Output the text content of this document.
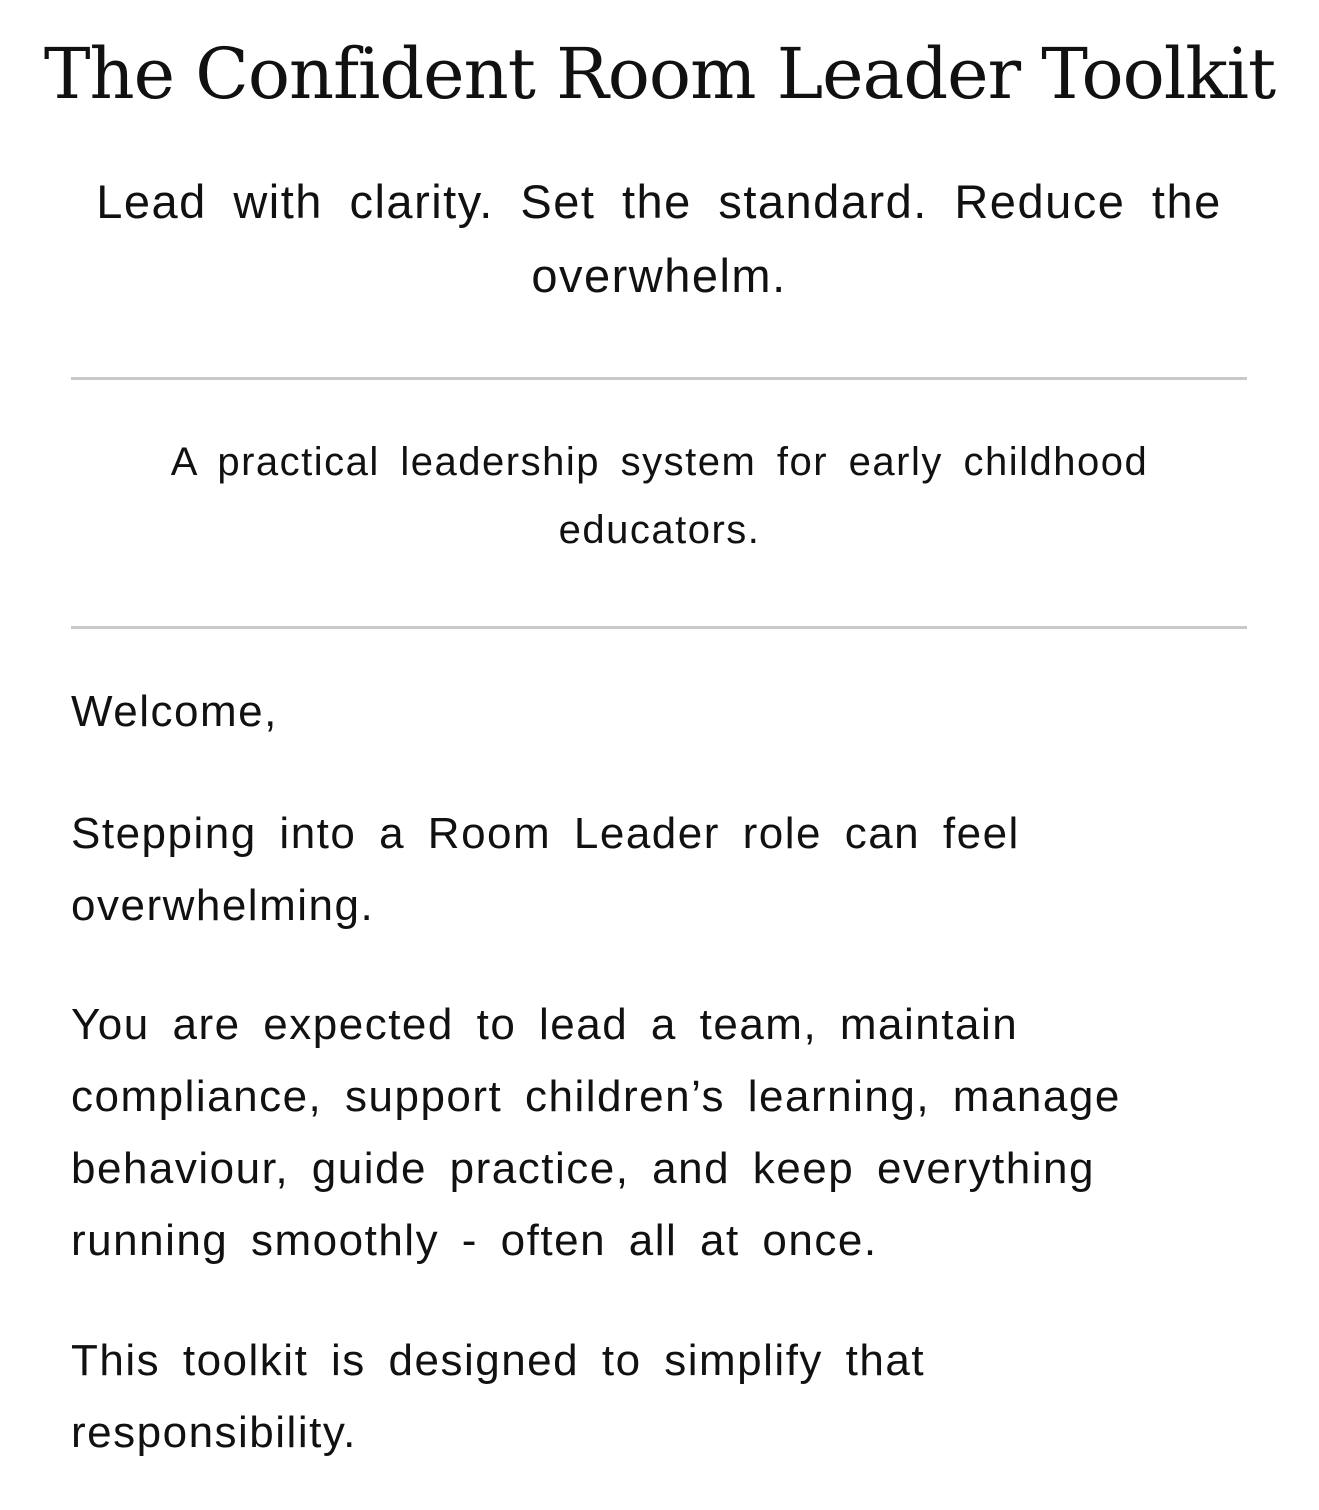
The Confident Room Leader Toolkit

Lead with clarity. Set the standard. Reduce the overwhelm.

A practical leadership system for early childhood educators.

Welcome,

Stepping into a Room Leader role can feel overwhelming.

You are expected to lead a team, maintain compliance, support children’s learning, manage behaviour, guide practice, and keep everything running smoothly - often all at once.

This toolkit is designed to simplify that responsibility.
